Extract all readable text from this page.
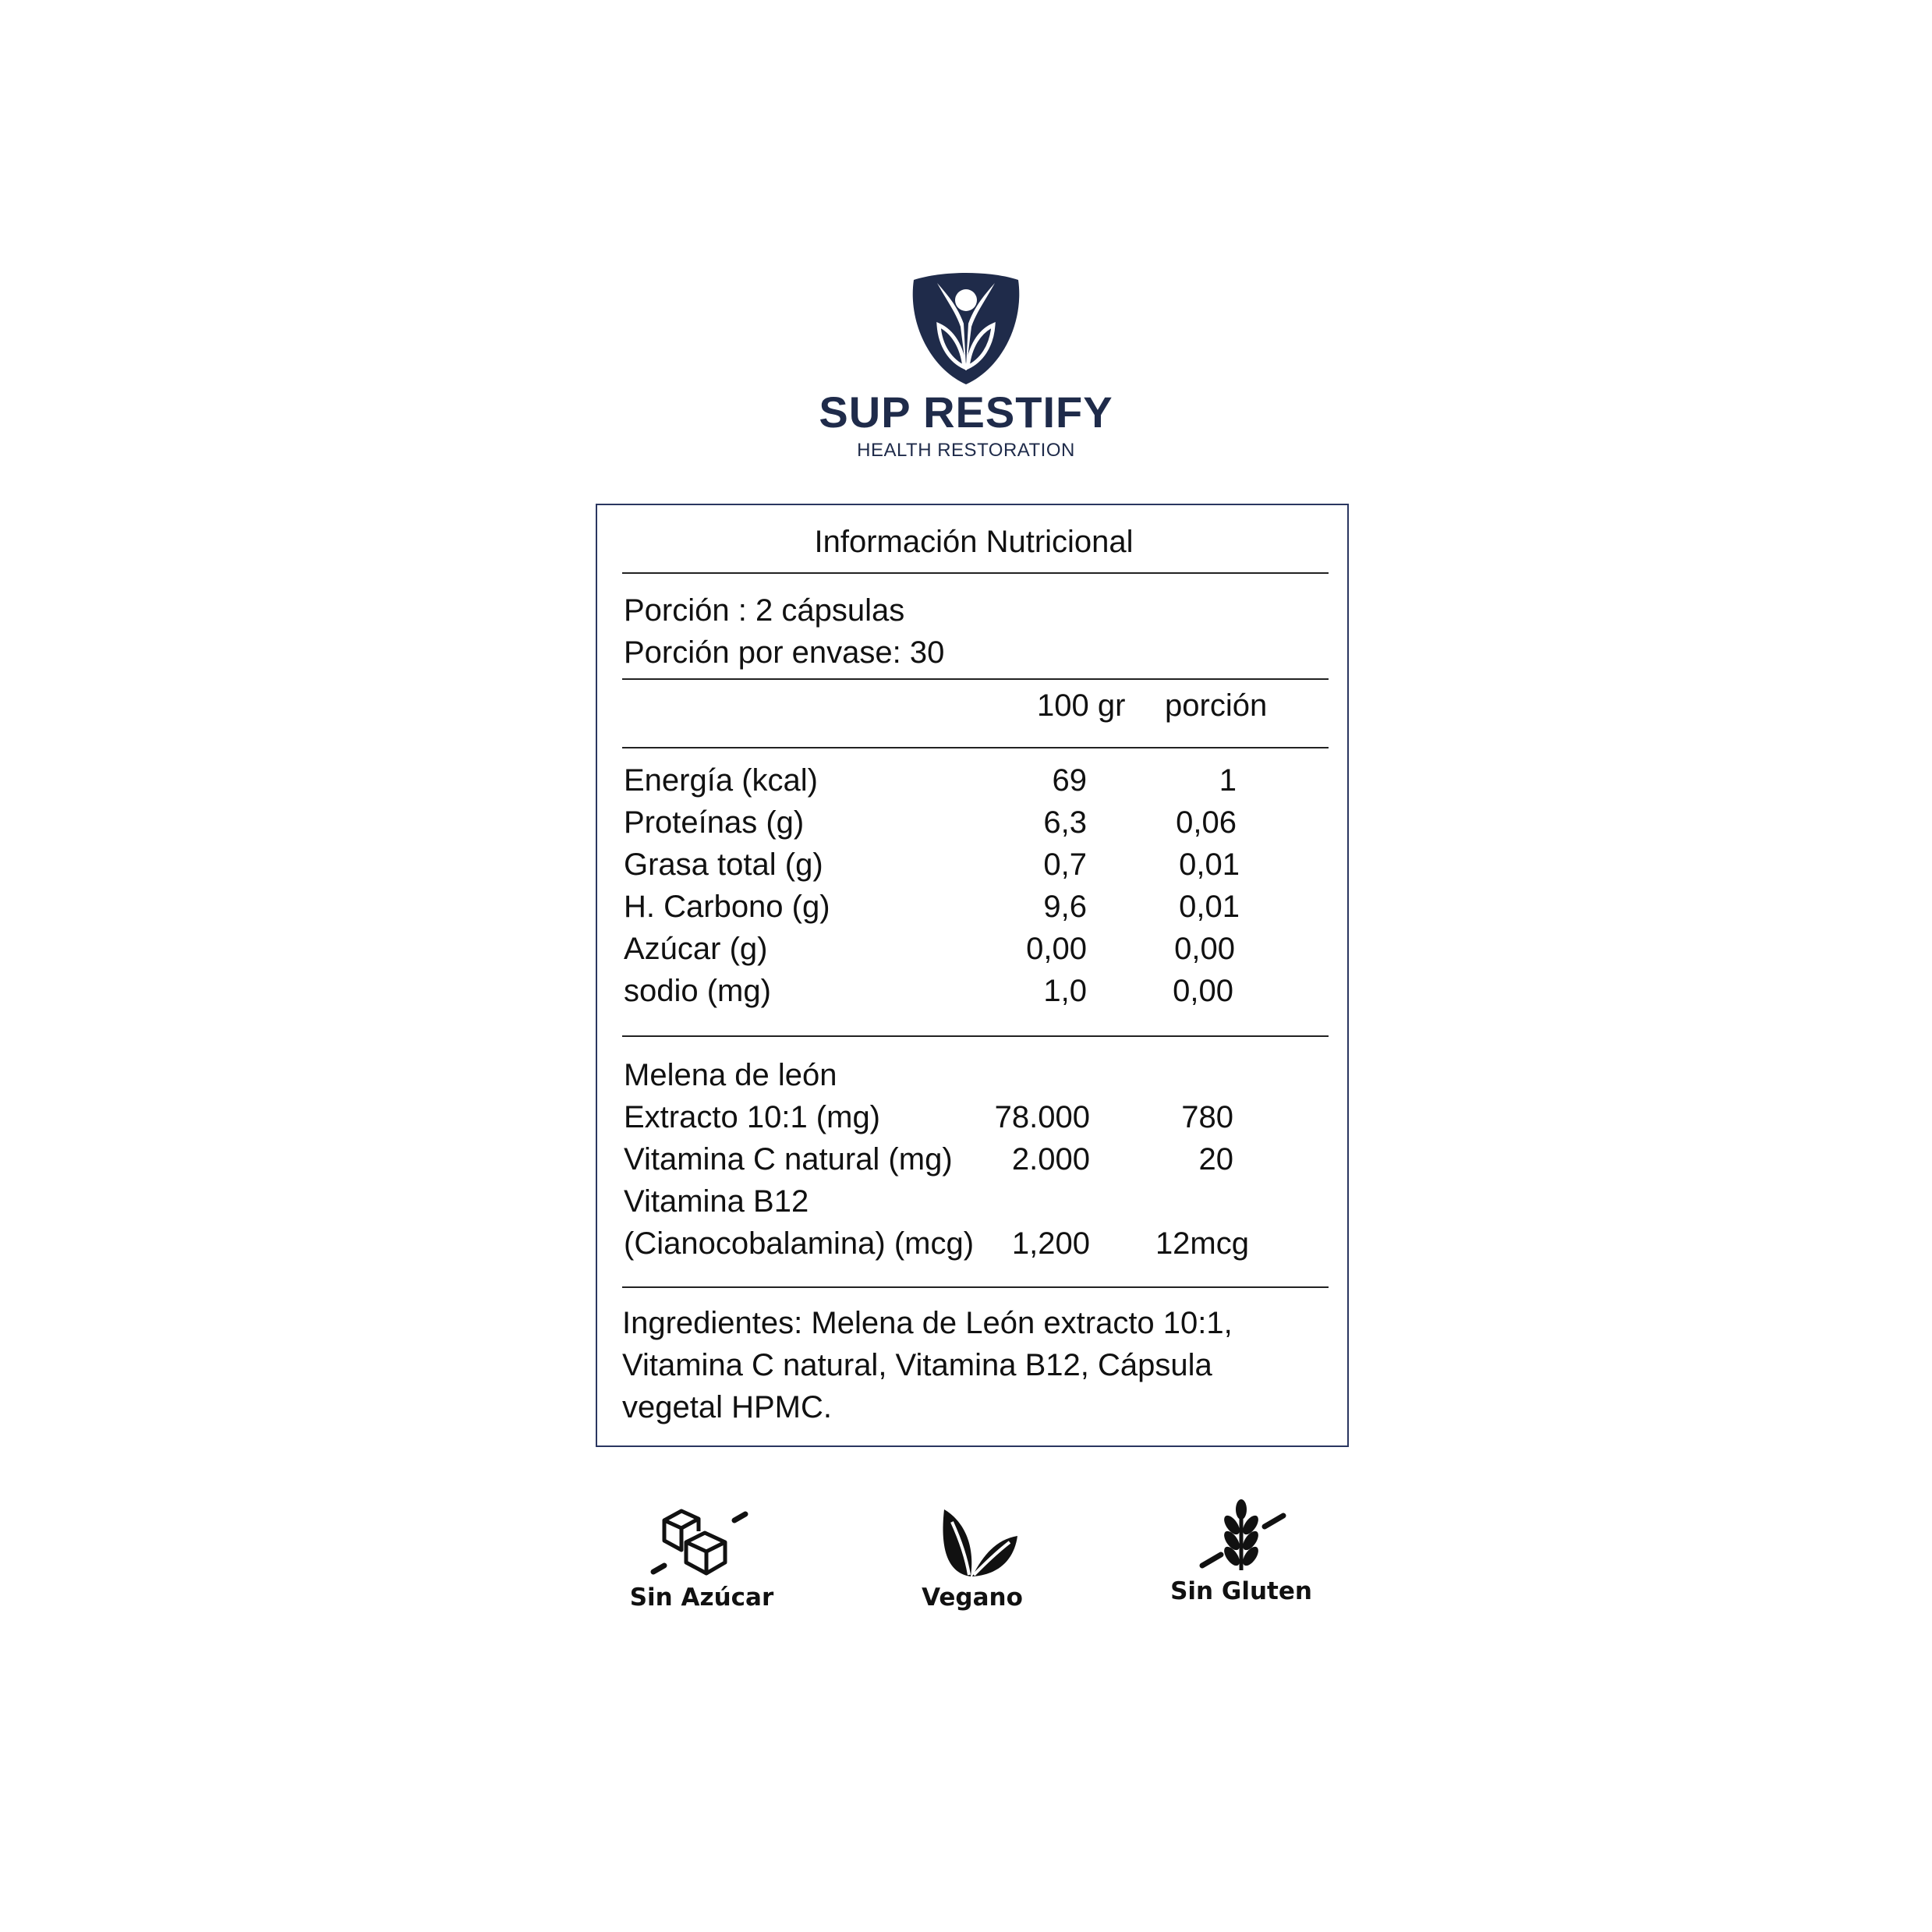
SUP RESTIFY
HEALTH RESTORATION
Información Nutricional
Porción : 2 cápsulas
Porción por envase: 30
100 gr porción
Energía (kcal)	69	1
Proteínas (g)	6,3	0,06
Grasa total (g)	0,7	0,01
H. Carbono (g)	9,6	0,01
Azúcar (g)	0,00	0,00
sodio (mg)	1,0	0,00
Melena de león
Extracto 10:1 (mg)	78.000	780
Vitamina C natural (mg)	2.000	20
Vitamina B12
(Cianocobalamina) (mcg)	1,200	12mcg
Ingredientes: Melena de León extracto 10:1,
Vitamina C natural, Vitamina B12, Cápsula
vegetal HPMC.
Sin Azúcar	Vegano	Sin Gluten
